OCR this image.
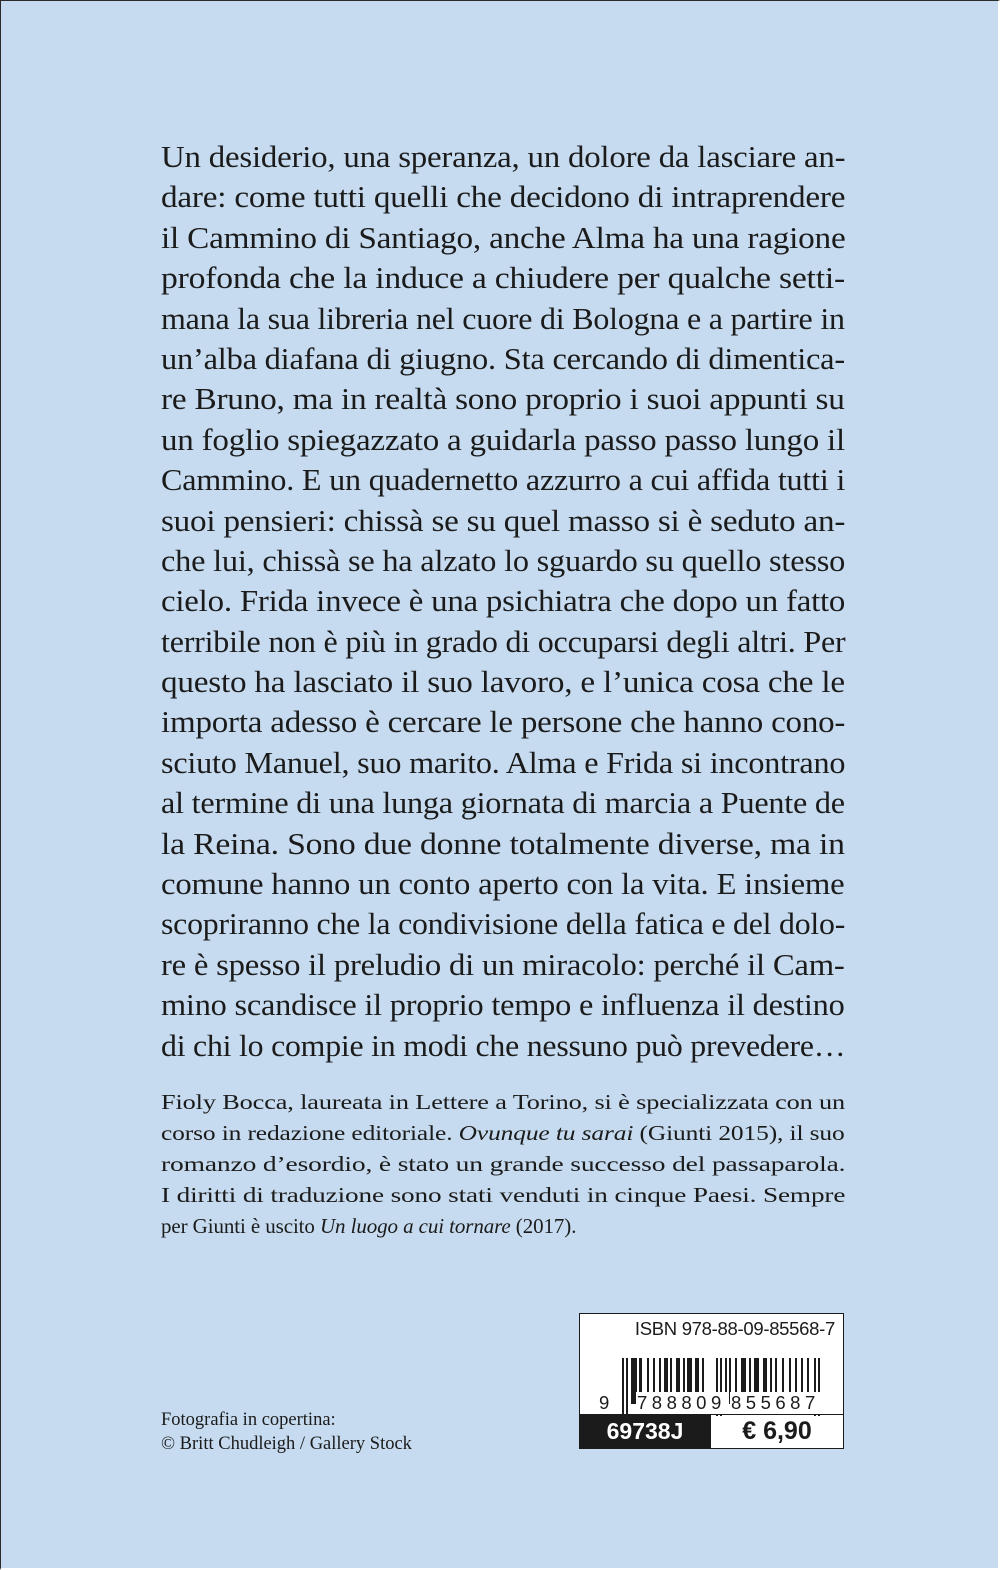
Un desiderio, una speranza, un dolore da lasciare an-
dare: come tutti quelli che decidono di intraprendere
il Cammino di Santiago, anche Alma ha una ragione
profonda che la induce a chiudere per qualche setti-
mana la sua libreria nel cuore di Bologna e a partire in
un’alba diafana di giugno. Sta cercando di dimentica-
re Bruno, ma in realtà sono proprio i suoi appunti su
un foglio spiegazzato a guidarla passo passo lungo il
Cammino. E un quadernetto azzurro a cui affida tutti i
suoi pensieri: chissà se su quel masso si è seduto an-
che lui, chissà se ha alzato lo sguardo su quello stesso
cielo. Frida invece è una psichiatra che dopo un fatto
terribile non è più in grado di occuparsi degli altri. Per
questo ha lasciato il suo lavoro, e l’unica cosa che le
importa adesso è cercare le persone che hanno cono-
sciuto Manuel, suo marito. Alma e Frida si incontrano
al termine di una lunga giornata di marcia a Puente de
la Reina. Sono due donne totalmente diverse, ma in
comune hanno un conto aperto con la vita. E insieme
scopriranno che la condivisione della fatica e del dolo-
re è spesso il preludio di un miracolo: perché il Cam-
mino scandisce il proprio tempo e influenza il destino
di chi lo compie in modi che nessuno può prevedere…
Fioly Bocca, laureata in Lettere a Torino, si è specializzata con un
corso in redazione editoriale. Ovunque tu sarai (Giunti 2015), il suo
romanzo d’esordio, è stato un grande successo del passaparola.
I diritti di traduzione sono stati venduti in cinque Paesi. Sempre
per Giunti è uscito Un luogo a cui tornare (2017).
Fotografia in copertina:
© Britt Chudleigh / Gallery Stock
ISBN 978-88-09-85568-7
9 788809 855687
69738J	€ 6,90
